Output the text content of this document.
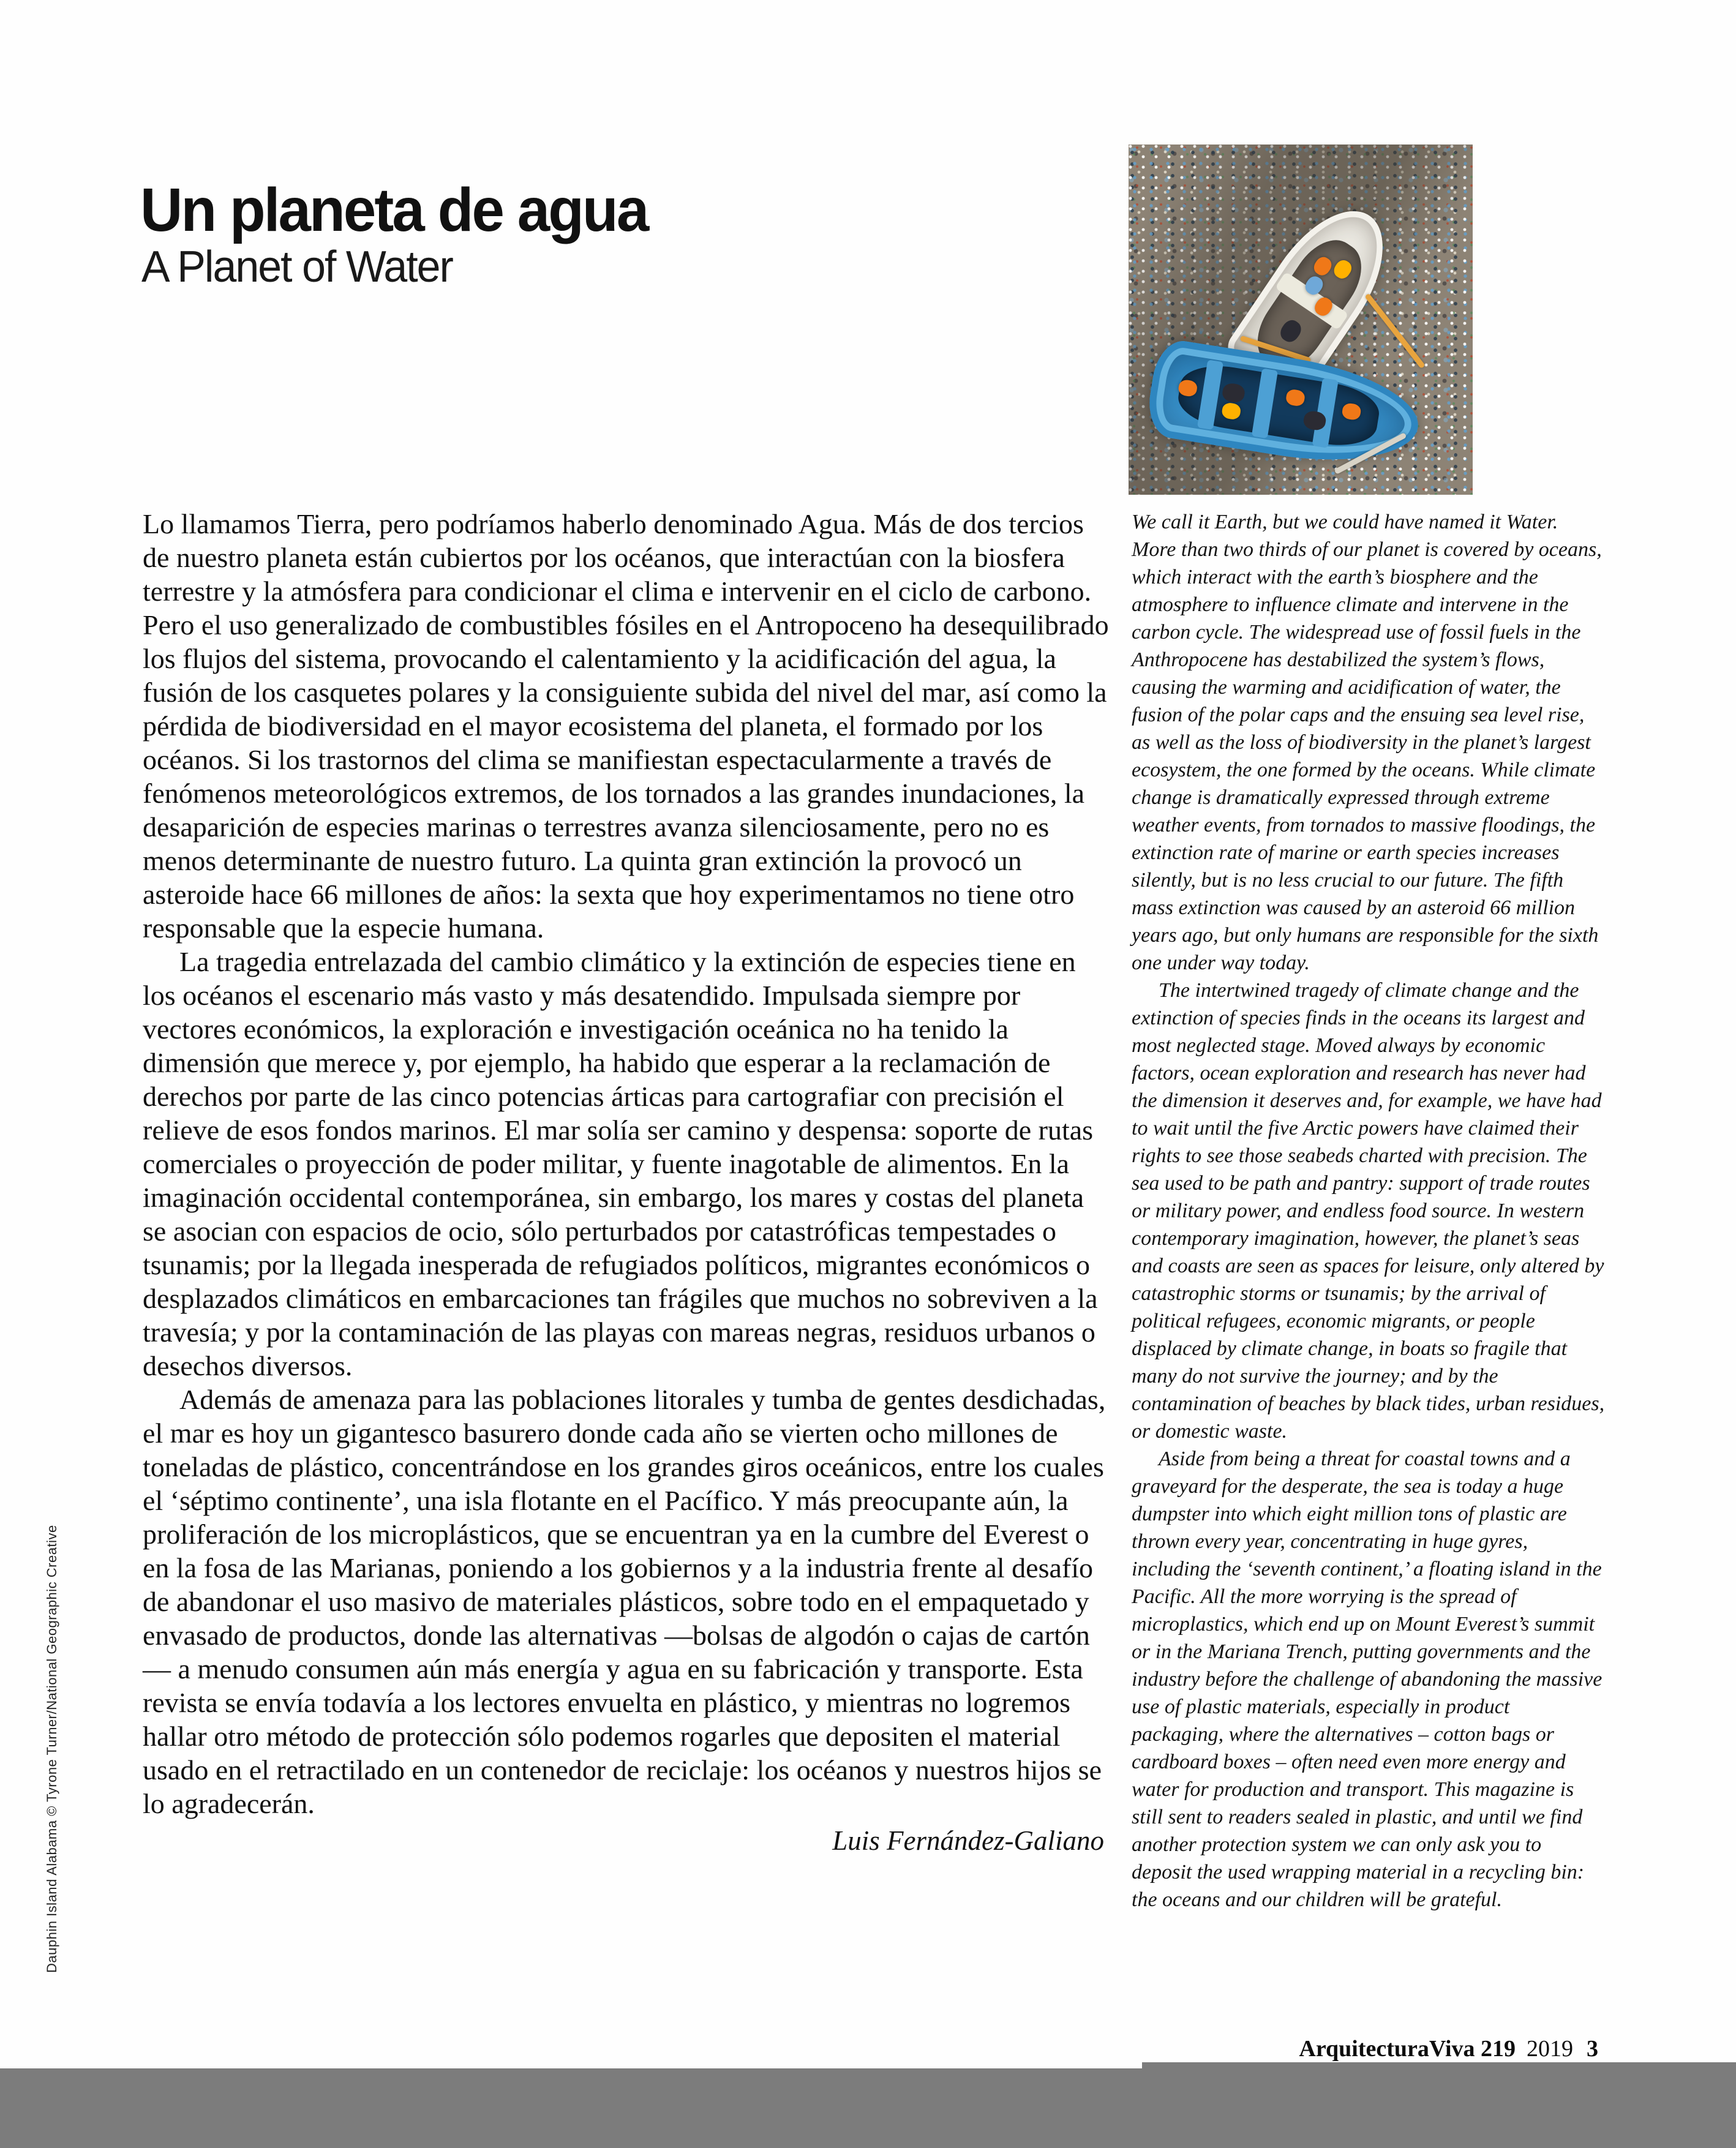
Un planeta de agua
A Planet of Water

Lo llamamos Tierra, pero podríamos haberlo denominado Agua. Más de dos tercios de nuestro planeta están cubiertos por los océanos, que interactúan con la biosfera terrestre y la atmósfera para condicionar el clima e intervenir en el ciclo de carbono. Pero el uso generalizado de combustibles fósiles en el Antropoceno ha desequilibrado los flujos del sistema, provocando el calentamiento y la acidificación del agua, la fusión de los casquetes polares y la consiguiente subida del nivel del mar, así como la pérdida de biodiversidad en el mayor ecosistema del planeta, el formado por los océanos. Si los trastornos del clima se manifiestan espectacularmente a través de fenómenos meteorológicos extremos, de los tornados a las grandes inundaciones, la desaparición de especies marinas o terrestres avanza silenciosamente, pero no es menos determinante de nuestro futuro. La quinta gran extinción la provocó un asteroide hace 66 millones de años: la sexta que hoy experimentamos no tiene otro responsable que la especie humana.

La tragedia entrelazada del cambio climático y la extinción de especies tiene en los océanos el escenario más vasto y más desatendido. Impulsada siempre por vectores económicos, la exploración e investigación oceánica no ha tenido la dimensión que merece y, por ejemplo, ha habido que esperar a la reclamación de derechos por parte de las cinco potencias árticas para cartografiar con precisión el relieve de esos fondos marinos. El mar solía ser camino y despensa: soporte de rutas comerciales o proyección de poder militar, y fuente inagotable de alimentos. En la imaginación occidental contemporánea, sin embargo, los mares y costas del planeta se asocian con espacios de ocio, sólo perturbados por catastróficas tempestades o tsunamis; por la llegada inesperada de refugiados políticos, migrantes económicos o desplazados climáticos en embarcaciones tan frágiles que muchos no sobreviven a la travesía; y por la contaminación de las playas con mareas negras, residuos urbanos o desechos diversos.

Además de amenaza para las poblaciones litorales y tumba de gentes desdichadas, el mar es hoy un gigantesco basurero donde cada año se vierten ocho millones de toneladas de plástico, concentrándose en los grandes giros oceánicos, entre los cuales el ‘séptimo continente’, una isla flotante en el Pacífico. Y más preocupante aún, la proliferación de los microplásticos, que se encuentran ya en la cumbre del Everest o en la fosa de las Marianas, poniendo a los gobiernos y a la industria frente al desafío de abandonar el uso masivo de materiales plásticos, sobre todo en el empaquetado y envasado de productos, donde las alternativas —bolsas de algodón o cajas de cartón— a menudo consumen aún más energía y agua en su fabricación y transporte. Esta revista se envía todavía a los lectores envuelta en plástico, y mientras no logremos hallar otro método de protección sólo podemos rogarles que depositen el material usado en el retractilado en un contenedor de reciclaje: los océanos y nuestros hijos se lo agradecerán.

Luis Fernández-Galiano

We call it Earth, but we could have named it Water. More than two thirds of our planet is covered by oceans, which interact with the earth’s biosphere and the atmosphere to influence climate and intervene in the carbon cycle. The widespread use of fossil fuels in the Anthropocene has destabilized the system’s flows, causing the warming and acidification of water, the fusion of the polar caps and the ensuing sea level rise, as well as the loss of biodiversity in the planet’s largest ecosystem, the one formed by the oceans. While climate change is dramatically expressed through extreme weather events, from tornados to massive floodings, the extinction rate of marine or earth species increases silently, but is no less crucial to our future. The fifth mass extinction was caused by an asteroid 66 million years ago, but only humans are responsible for the sixth one under way today.

The intertwined tragedy of climate change and the extinction of species finds in the oceans its largest and most neglected stage. Moved always by economic factors, ocean exploration and research has never had the dimension it deserves and, for example, we have had to wait until the five Arctic powers have claimed their rights to see those seabeds charted with precision. The sea used to be path and pantry: support of trade routes or military power, and endless food source. In western contemporary imagination, however, the planet’s seas and coasts are seen as spaces for leisure, only altered by catastrophic storms or tsunamis; by the arrival of political refugees, economic migrants, or people displaced by climate change, in boats so fragile that many do not survive the journey; and by the contamination of beaches by black tides, urban residues, or domestic waste.

Aside from being a threat for coastal towns and a graveyard for the desperate, the sea is today a huge dumpster into which eight million tons of plastic are thrown every year, concentrating in huge gyres, including the ‘seventh continent,’ a floating island in the Pacific. All the more worrying is the spread of microplastics, which end up on Mount Everest’s summit or in the Mariana Trench, putting governments and the industry before the challenge of abandoning the massive use of plastic materials, especially in product packaging, where the alternatives – cotton bags or cardboard boxes – often need even more energy and water for production and transport. This magazine is still sent to readers sealed in plastic, and until we find another protection system we can only ask you to deposit the used wrapping material in a recycling bin: the oceans and our children will be grateful.

Dauphin Island Alabama © Tyrone Turner/National Geographic Creative
ArquitecturaViva 219 2019 3
